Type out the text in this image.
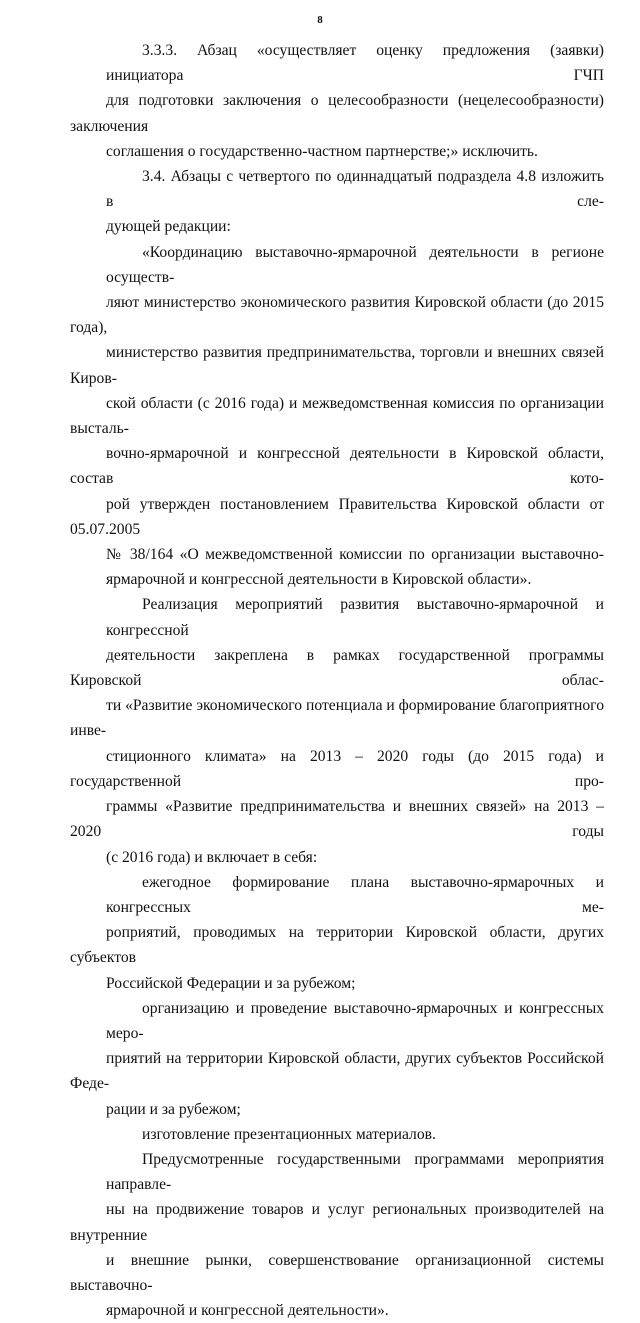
8
3.3.3. Абзац «осуществляет оценку предложения (заявки) инициатора ГЧП
для подготовки заключения о целесообразности (нецелесообразности) заключения
соглашения о государственно-частном партнерстве;» исключить.
3.4. Абзацы с четвертого по одиннадцатый подраздела 4.8 изложить в сле-
дующей редакции:
«Координацию выставочно-ярмарочной деятельности в регионе осуществ-
ляют министерство экономического развития Кировской области (до 2015 года),
министерство развития предпринимательства, торговли и внешних связей Киров-
ской области (с 2016 года) и межведомственная комиссия по организации высталь-
вочно-ярмарочной и конгрессной деятельности в Кировской области, состав кото-
рой утвержден постановлением Правительства Кировской области от 05.07.2005
№ 38/164 «О межведомственной комиссии по организации выставочно-
ярмарочной и конгрессной деятельности в Кировской области».
Реализация мероприятий развития выставочно-ярмарочной и конгрессной
деятельности закреплена в рамках государственной программы Кировской облас-
ти «Развитие экономического потенциала и формирование благоприятного инве-
стиционного климата» на 2013 – 2020 годы (до 2015 года) и государственной про-
граммы «Развитие предпринимательства и внешних связей» на 2013 – 2020 годы
(с 2016 года) и включает в себя:
ежегодное формирование плана выставочно-ярмарочных и конгрессных ме-
роприятий, проводимых на территории Кировской области, других субъектов
Российской Федерации и за рубежом;
организацию и проведение выставочно-ярмарочных и конгрессных меро-
приятий на территории Кировской области, других субъектов Российской Феде-
рации и за рубежом;
изготовление презентационных материалов.
Предусмотренные государственными программами мероприятия направле-
ны на продвижение товаров и услуг региональных производителей на внутренние
и внешние рынки, совершенствование организационной системы выставочно-
ярмарочной и конгрессной деятельности».
